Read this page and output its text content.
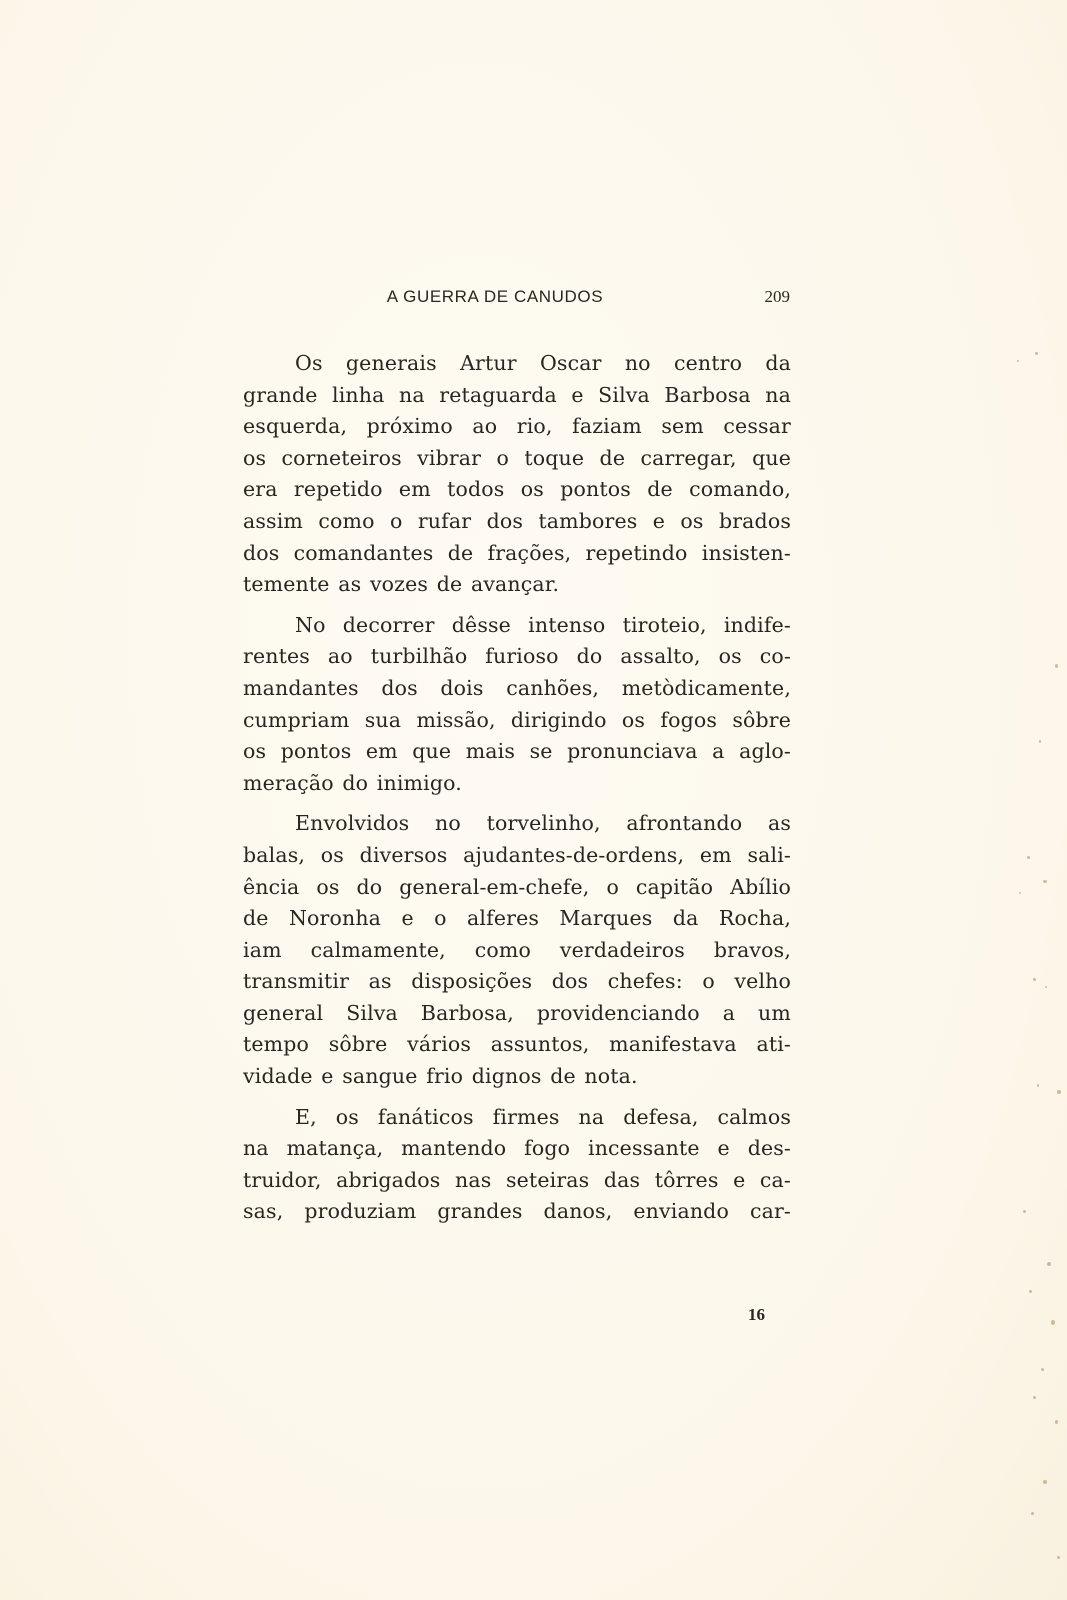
A GUERRA DE CANUDOS	209
Os generais Artur Oscar no centro da
grande linha na retaguarda e Silva Barbosa na
esquerda, próximo ao rio, faziam sem cessar
os corneteiros vibrar o toque de carregar, que
era repetido em todos os pontos de comando,
assim como o rufar dos tambores e os brados
dos comandantes de frações, repetindo insisten-
temente as vozes de avançar.
No decorrer dêsse intenso tiroteio, indife-
rentes ao turbilhão furioso do assalto, os co-
mandantes dos dois canhões, metòdicamente,
cumpriam sua missão, dirigindo os fogos sôbre
os pontos em que mais se pronunciava a aglo-
meração do inimigo.
Envolvidos no torvelinho, afrontando as
balas, os diversos ajudantes-de-ordens, em sali-
ência os do general-em-chefe, o capitão Abílio
de Noronha e o alferes Marques da Rocha,
iam calmamente, como verdadeiros bravos,
transmitir as disposições dos chefes: o velho
general Silva Barbosa, providenciando a um
tempo sôbre vários assuntos, manifestava ati-
vidade e sangue frio dignos de nota.
E, os fanáticos firmes na defesa, calmos
na matança, mantendo fogo incessante e des-
truidor, abrigados nas seteiras das tôrres e ca-
sas, produziam grandes danos, enviando car-
16
